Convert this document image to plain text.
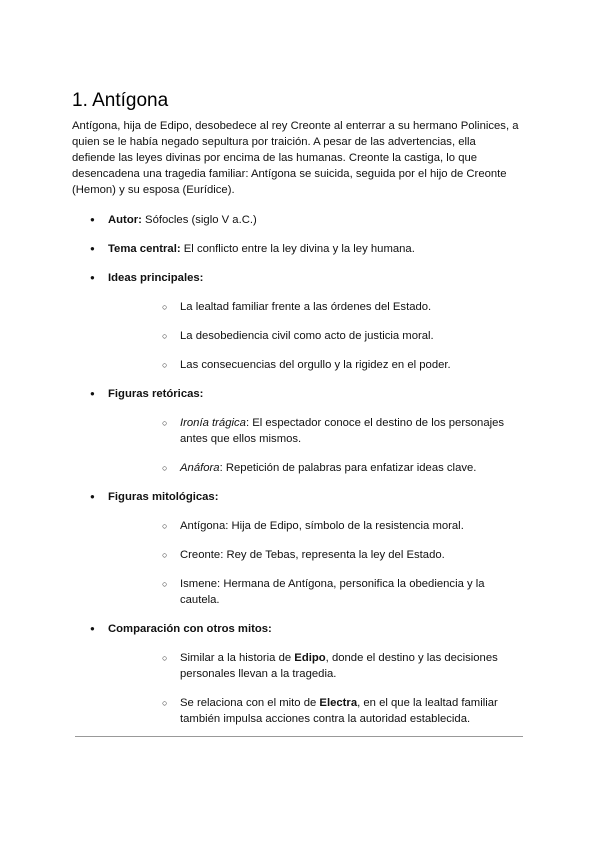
1. Antígona

Antígona, hija de Edipo, desobedece al rey Creonte al enterrar a su hermano Polinices, a quien se le había negado sepultura por traición. A pesar de las advertencias, ella defiende las leyes divinas por encima de las humanas. Creonte la castiga, lo que desencadena una tragedia familiar: Antígona se suicida, seguida por el hijo de Creonte (Hemon) y su esposa (Eurídice).

● Autor: Sófocles (siglo V a.C.)
● Tema central: El conflicto entre la ley divina y la ley humana.
● Ideas principales:
○ La lealtad familiar frente a las órdenes del Estado.
○ La desobediencia civil como acto de justicia moral.
○ Las consecuencias del orgullo y la rigidez en el poder.
● Figuras retóricas:
○ Ironía trágica: El espectador conoce el destino de los personajes antes que ellos mismos.
○ Anáfora: Repetición de palabras para enfatizar ideas clave.
● Figuras mitológicas:
○ Antígona: Hija de Edipo, símbolo de la resistencia moral.
○ Creonte: Rey de Tebas, representa la ley del Estado.
○ Ismene: Hermana de Antígona, personifica la obediencia y la cautela.
● Comparación con otros mitos:
○ Similar a la historia de Edipo, donde el destino y las decisiones personales llevan a la tragedia.
○ Se relaciona con el mito de Electra, en el que la lealtad familiar también impulsa acciones contra la autoridad establecida.
